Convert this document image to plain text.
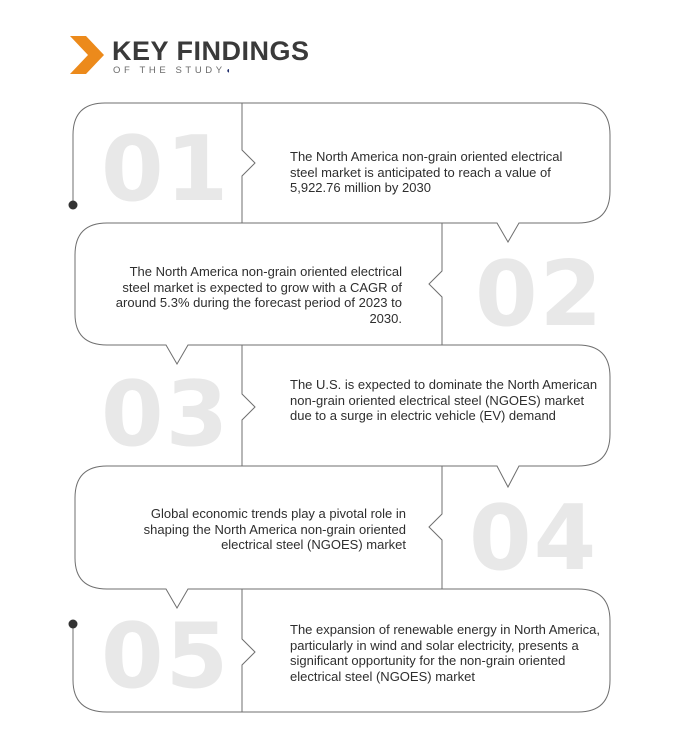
KEY FINDINGS
OF THE STUDY◖
01
02
03
04
05
The North America non-grain oriented electrical steel market is anticipated to reach a value of 5,922.76 million by 2030
The North America non-grain oriented electrical steel market is expected to grow with a CAGR of around 5.3% during the forecast period of 2023 to 2030.
The U.S. is expected to dominate the North American non-grain oriented electrical steel (NGOES) market due to a surge in electric vehicle (EV) demand
Global economic trends play a pivotal role in shaping the North America non-grain oriented electrical steel (NGOES) market
The expansion of renewable energy in North America, particularly in wind and solar electricity, presents a significant opportunity for the non-grain oriented electrical steel (NGOES) market
